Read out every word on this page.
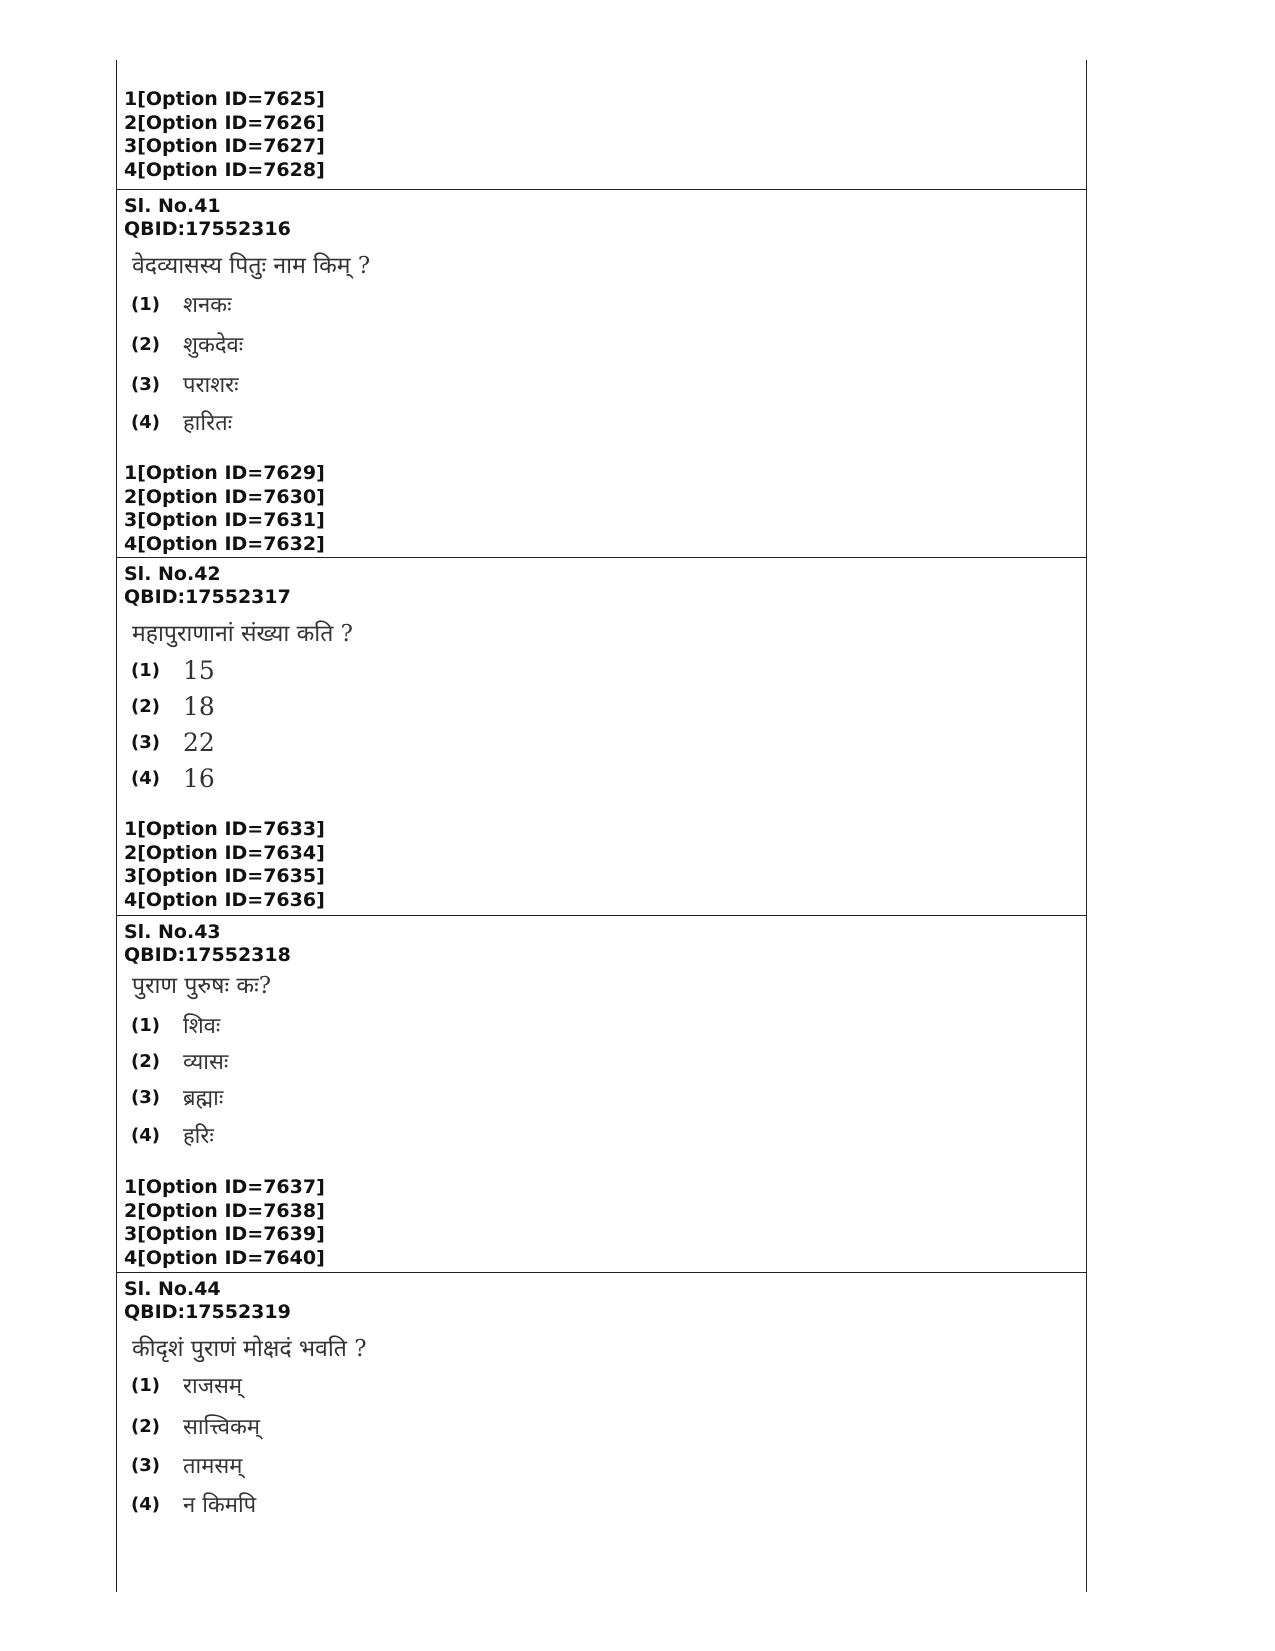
1[Option ID=7625]
2[Option ID=7626]
3[Option ID=7627]
4[Option ID=7628]
Sl. No.41
QBID:17552316
वेदव्यासस्य पितुः नाम किम् ?
(1)	शनकः
(2)	शुकदेवः
(3)	पराशरः
(4)	हारितः
1[Option ID=7629]
2[Option ID=7630]
3[Option ID=7631]
4[Option ID=7632]
Sl. No.42
QBID:17552317
महापुराणानां संख्या कति ?
(1) 15
(2) 18
(3) 22
(4) 16
1[Option ID=7633]
2[Option ID=7634]
3[Option ID=7635]
4[Option ID=7636]
Sl. No.43
QBID:17552318
पुराण पुरुषः कः?
(1)	शिवः
(2)	व्यासः
(3)	ब्रह्माः
(4)	हरिः
1[Option ID=7637]
2[Option ID=7638]
3[Option ID=7639]
4[Option ID=7640]
Sl. No.44
QBID:17552319
कीदृशं पुराणं मोक्षदं भवति ?
(1)	राजसम्
(2)	सात्त्विकम्
(3)	तामसम्
(4)	न किमपि
